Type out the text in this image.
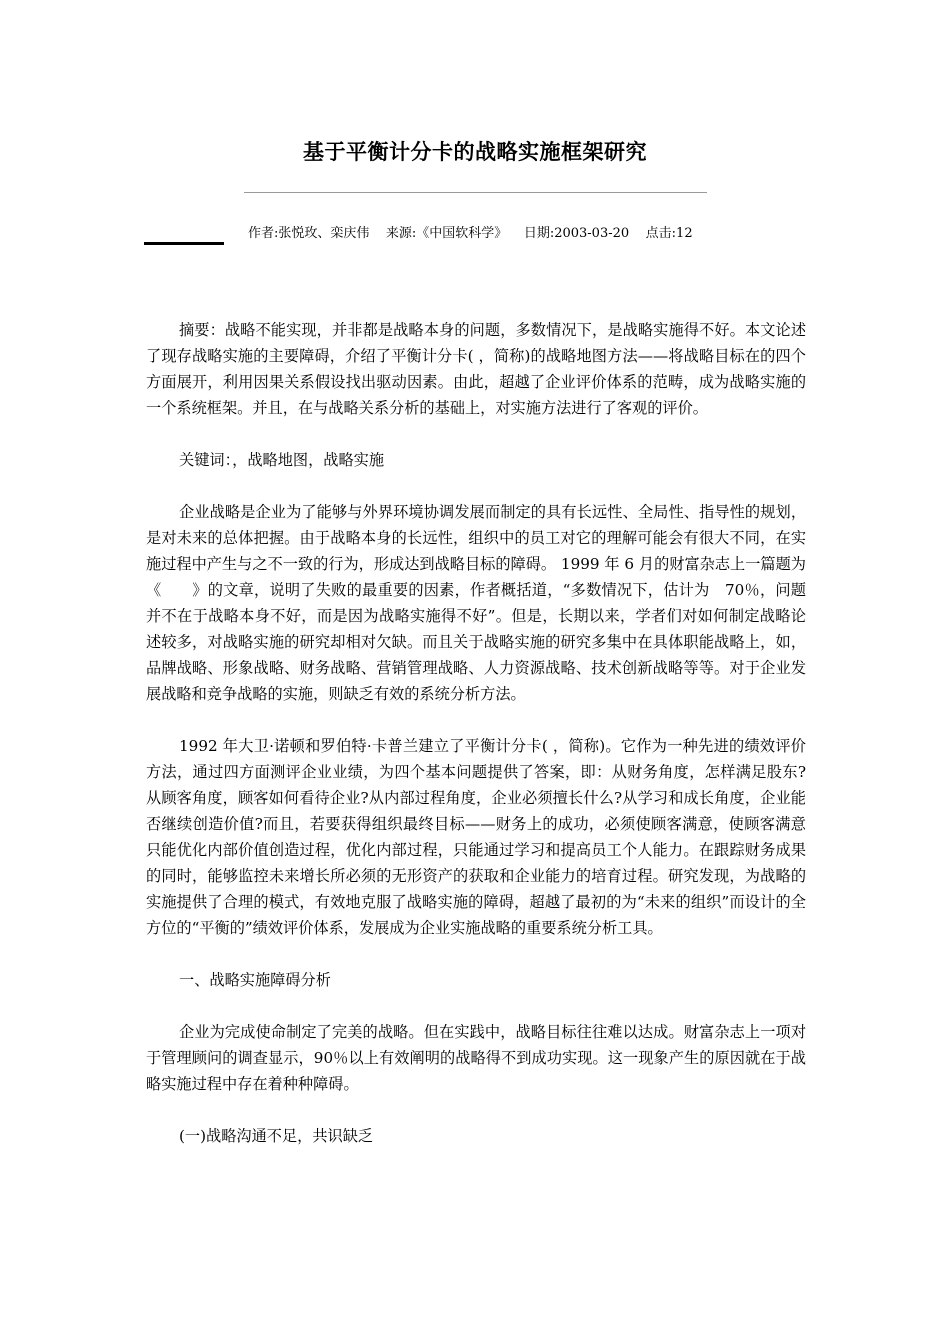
基于平衡计分卡的战略实施框架研究
作者:张悦玫、栾庆伟    来源:《中国软科学》    日期:2003-03-20    点击:12

摘要：战略不能实现，并非都是战略本身的问题，多数情况下，是战略实施得不好。本文论述了现存战略实施的主要障碍，介绍了平衡计分卡( ，简称)的战略地图方法——将战略目标在的四个方面展开，利用因果关系假设找出驱动因素。由此，超越了企业评价体系的范畴，成为战略实施的一个系统框架。并且，在与战略关系分析的基础上，对实施方法进行了客观的评价。

关键词：，战略地图，战略实施

企业战略是企业为了能够与外界环境协调发展而制定的具有长远性、全局性、指导性的规划，是对未来的总体把握。由于战略本身的长远性，组织中的员工对它的理解可能会有很大不同，在实施过程中产生与之不一致的行为，形成达到战略目标的障碍。 1999 年 6 月的财富杂志上一篇题为《　　》的文章，说明了失败的最重要的因素，作者概括道，“多数情况下，估计为　70％，问题并不在于战略本身不好，而是因为战略实施得不好”。但是，长期以来，学者们对如何制定战略论述较多，对战略实施的研究却相对欠缺。而且关于战略实施的研究多集中在具体职能战略上，如，品牌战略、形象战略、财务战略、营销管理战略、人力资源战略、技术创新战略等等。对于企业发展战略和竞争战略的实施，则缺乏有效的系统分析方法。

1992 年大卫·诺顿和罗伯特·卡普兰建立了平衡计分卡( ，简称)。它作为一种先进的绩效评价方法，通过四方面测评企业业绩，为四个基本问题提供了答案，即：从财务角度，怎样满足股东?从顾客角度，顾客如何看待企业?从内部过程角度，企业必须擅长什么?从学习和成长角度，企业能否继续创造价值?而且，若要获得组织最终目标——财务上的成功，必须使顾客满意，使顾客满意只能优化内部价值创造过程，优化内部过程，只能通过学习和提高员工个人能力。在跟踪财务成果的同时，能够监控未来增长所必须的无形资产的获取和企业能力的培育过程。研究发现，为战略的实施提供了合理的模式，有效地克服了战略实施的障碍，超越了最初的为“未来的组织”而设计的全方位的“平衡的”绩效评价体系，发展成为企业实施战略的重要系统分析工具。

一、战略实施障碍分析

企业为完成使命制定了完美的战略。但在实践中，战略目标往往难以达成。财富杂志上一项对于管理顾问的调查显示，90％以上有效阐明的战略得不到成功实现。这一现象产生的原因就在于战略实施过程中存在着种种障碍。

(一)战略沟通不足，共识缺乏
